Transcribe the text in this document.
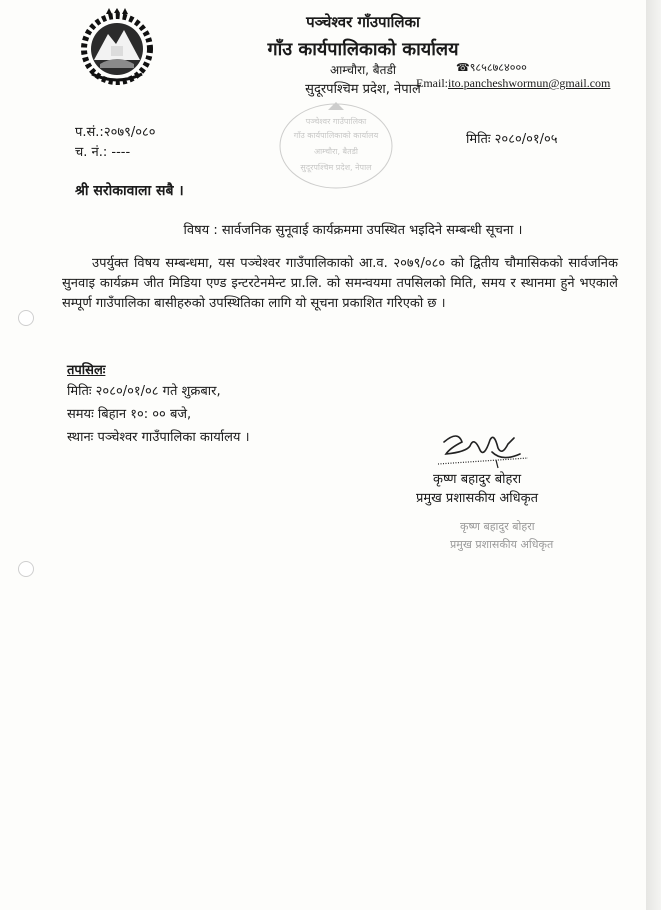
पञ्चेश्वर गाँउपालिका
गाँउ कार्यपालिकाको कार्यालय
आम्चौरा, बैतडी
सुदूरपश्चिम प्रदेश, नेपाल
☎९८५८७८४०००
Email:ito.pancheshwormun@gmail.com
पञ्चेश्वर गाउँपालिका
गाँउ कार्यपालिकाको कार्यालय
आम्चौरा, बैतडी
सुदूरपश्चिम प्रदेश, नेपाल
प.सं.:२०७९/०८०
च. नं.: ----
मितिः २०८०/०१/०५
श्री सरोकावाला सबै ।
विषय : सार्वजनिक सुनूवाई कार्यक्रममा उपस्थित भइदिने सम्बन्धी सूचना ।
उपर्युक्त विषय सम्बन्धमा, यस पञ्चेश्वर गाउँपालिकाको आ.व. २०७९/०८० को द्वितीय चौमासिकको सार्वजनिक सुनवाइ कार्यक्रम जीत मिडिया एण्ड इन्टरटेनमेन्ट प्रा.लि. को समन्वयमा तपसिलको मिति, समय र स्थानमा हुने भएकाले सम्पूर्ण गाउँपालिका बासीहरुको उपस्थितिका लागि यो सूचना प्रकाशित गरिएको छ ।
तपसिलः
मितिः २०८०/०१/०८ गते शुक्रबार,
समयः बिहान १०: ०० बजे,
स्थानः पञ्चेश्वर गाउँपालिका कार्यालय ।
कृष्ण बहादुर बोहरा
प्रमुख प्रशासकीय अधिकृत
कृष्ण बहादुर बोहरा
प्रमुख प्रशासकीय अधिकृत
